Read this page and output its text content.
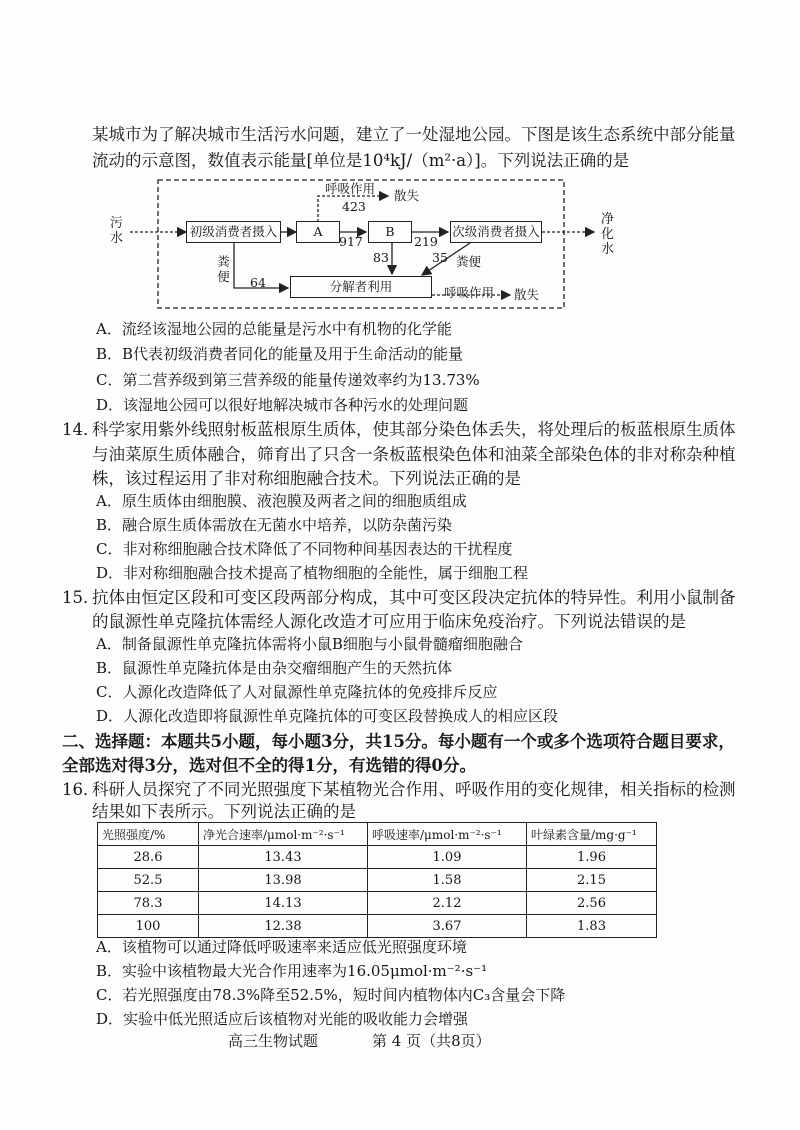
某城市为了解决城市生活污水问题，建立了一处湿地公园。下图是该生态系统中部分能量
流动的示意图，数值表示能量[单位是10⁴kJ/（m²·a）]。下列说法正确的是
污水
净化水
初级消费者摄入	A	B	次级消费者摄入
分解者利用
呼吸作用
423
散失
917	219
83	35 粪便
粪便 64
呼吸作用 散失
A．流经该湿地公园的总能量是污水中有机物的化学能
B．B代表初级消费者同化的能量及用于生命活动的能量
C．第二营养级到第三营养级的能量传递效率约为13.73%
D．该湿地公园可以很好地解决城市各种污水的处理问题
14．
科学家用紫外线照射板蓝根原生质体，使其部分染色体丢失，将处理后的板蓝根原生质体
与油菜原生质体融合，筛育出了只含一条板蓝根染色体和油菜全部染色体的非对称杂种植
株，该过程运用了非对称细胞融合技术。下列说法正确的是
A．原生质体由细胞膜、液泡膜及两者之间的细胞质组成
B．融合原生质体需放在无菌水中培养，以防杂菌污染
C．非对称细胞融合技术降低了不同物种间基因表达的干扰程度
D．非对称细胞融合技术提高了植物细胞的全能性，属于细胞工程
15．
抗体由恒定区段和可变区段两部分构成，其中可变区段决定抗体的特异性。利用小鼠制备
的鼠源性单克隆抗体需经人源化改造才可应用于临床免疫治疗。下列说法错误的是
A．制备鼠源性单克隆抗体需将小鼠B细胞与小鼠骨髓瘤细胞融合
B．鼠源性单克隆抗体是由杂交瘤细胞产生的天然抗体
C．人源化改造降低了人对鼠源性单克隆抗体的免疫排斥反应
D．人源化改造即将鼠源性单克隆抗体的可变区段替换成人的相应区段
二、选择题：本题共5小题，每小题3分，共15分。每小题有一个或多个选项符合题目要求，
全部选对得3分，选对但不全的得1分，有选错的得0分。
16．
科研人员探究了不同光照强度下某植物光合作用、呼吸作用的变化规律，相关指标的检测
结果如下表所示。下列说法正确的是
光照强度/%	净光合速率/μmol·m⁻²·s⁻¹	呼吸速率/μmol·m⁻²·s⁻¹	叶绿素含量/mg·g⁻¹
28.6	13.43	1.09	1.96
52.5	13.98	1.58	2.15
78.3	14.13	2.12	2.56
100	12.38	3.67	1.83
A．该植物可以通过降低呼吸速率来适应低光照强度环境
B．实验中该植物最大光合作用速率为16.05μmol·m⁻²·s⁻¹
C．若光照强度由78.3%降至52.5%，短时间内植物体内C₃含量会下降
D．实验中低光照适应后该植物对光能的吸收能力会增强
高三生物试题	第 4 页（共8页）
